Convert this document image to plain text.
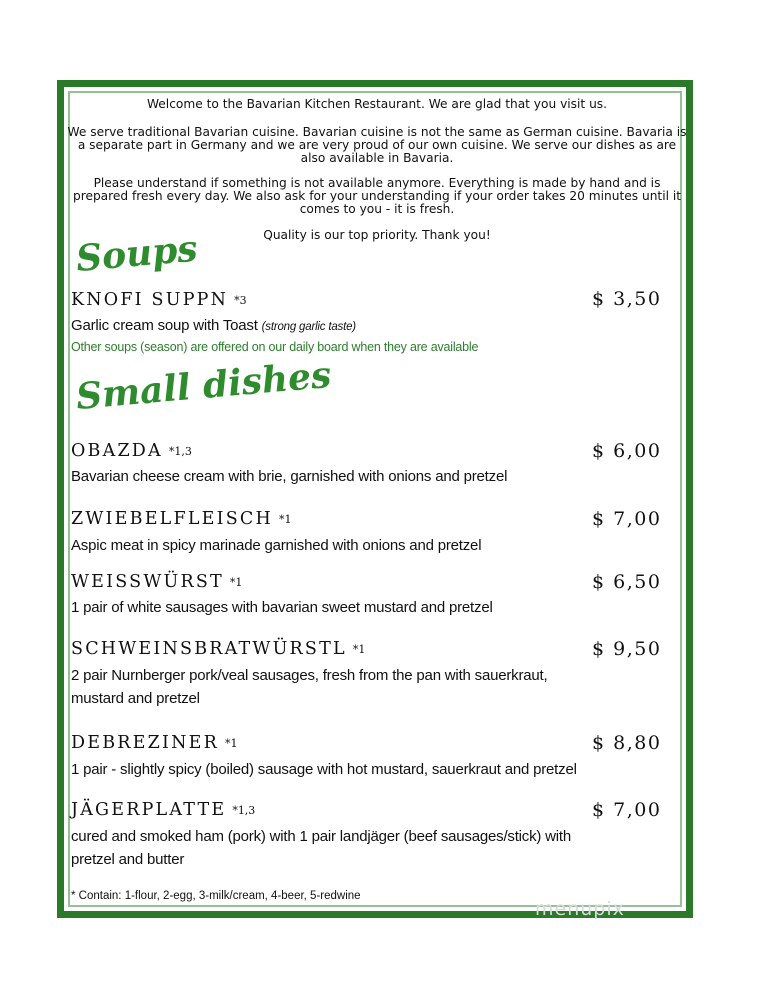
Welcome to the Bavarian Kitchen Restaurant. We are glad that you visit us.
We serve traditional Bavarian cuisine. Bavarian cuisine is not the same as German cuisine. Bavaria is a separate part in Germany and we are very proud of our own cuisine. We serve our dishes as are also available in Bavaria.
Please understand if something is not available anymore. Everything is made by hand and is prepared fresh every day. We also ask for your understanding if your order takes 20 minutes until it comes to you - it is fresh.
Quality is our top priority. Thank you!
Soups
KNOFI SUPPN *3	$ 3,50
Garlic cream soup with Toast (strong garlic taste)
Other soups (season) are offered on our daily board when they are available
Small dishes
OBAZDA *1,3	$ 6,00
Bavarian cheese cream with brie, garnished with onions and pretzel
ZWIEBELFLEISCH *1	$ 7,00
Aspic meat in spicy marinade garnished with onions and pretzel
WEISSWÜRST *1	$ 6,50
1 pair of white sausages with bavarian sweet mustard and pretzel
SCHWEINSBRATWÜRSTL *1	$ 9,50
2 pair Nurnberger pork/veal sausages, fresh from the pan with sauerkraut,
mustard and pretzel
DEBREZINER *1	$ 8,80
1 pair - slightly spicy (boiled) sausage with hot mustard, sauerkraut and pretzel
JÄGERPLATTE *1,3	$ 7,00
cured and smoked ham (pork) with 1 pair landjäger (beef sausages/stick) with
pretzel and butter
* Contain: 1-flour, 2-egg, 3-milk/cream, 4-beer, 5-redwine
menupix
